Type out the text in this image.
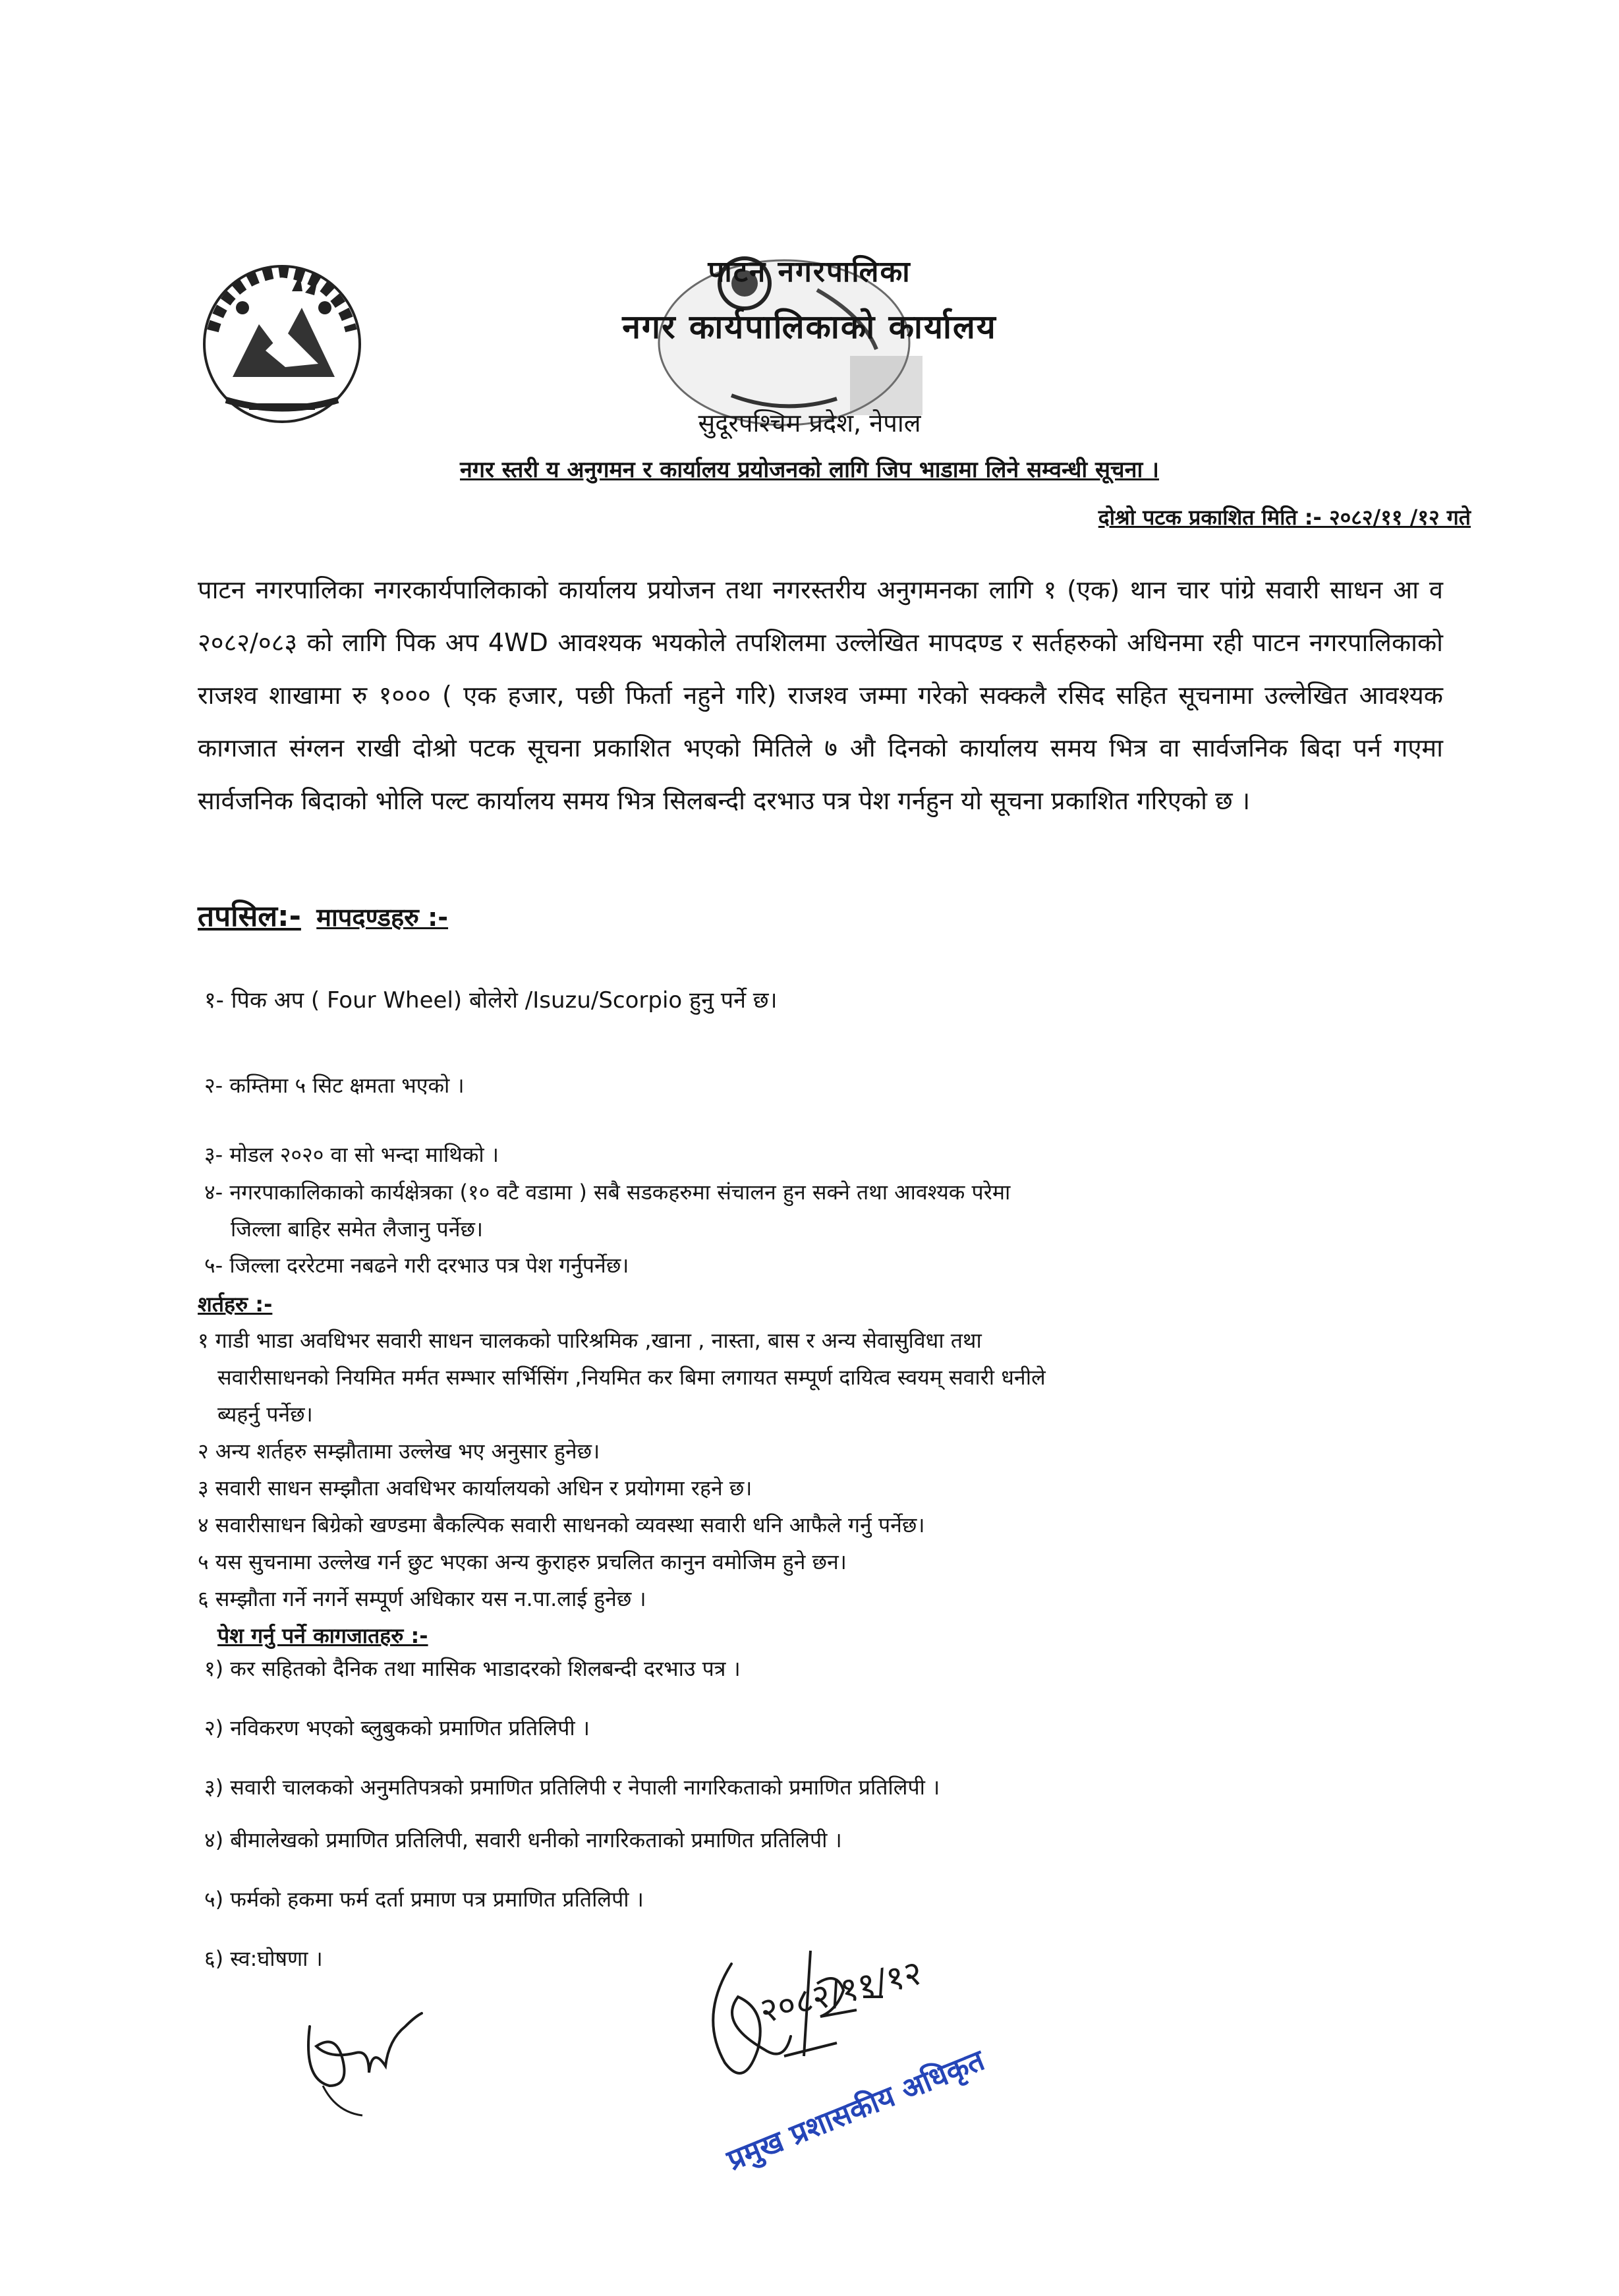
पाटन नगरपालिका
नगर कार्यपालिकाको कार्यालय
सुदूरपश्चिम प्रदेश, नेपाल
नगर स्तरी य अनुगमन र कार्यालय प्रयोजनको लागि जिप भाडामा लिने सम्वन्धी सूचना ।
दोश्रो पटक प्रकाशित मिति :- २०८२/११ /१२ गते

पाटन नगरपालिका नगरकार्यपालिकाको कार्यालय प्रयोजन तथा नगरस्तरीय अनुगमनका लागि १ (एक) थान चार पांग्रे सवारी साधन आ व २०८२/०८३ को लागि पिक अप 4WD आवश्यक भयकोले तपशिलमा उल्लेखित मापदण्ड र सर्तहरुको अधिनमा रही पाटन नगरपालिकाको राजश्व शाखामा रु १००० ( एक हजार, पछी फिर्ता नहुने गरि) राजश्व जम्मा गरेको सक्कलै रसिद सहित सूचनामा उल्लेखित आवश्यक कागजात संग्लन राखी दोश्रो पटक सूचना प्रकाशित भएको मितिले ७ औ दिनको कार्यालय समय भित्र वा सार्वजनिक बिदा पर्न गएमा सार्वजनिक बिदाको भोलि पल्ट कार्यालय समय भित्र सिलबन्दी दरभाउ पत्र पेश गर्नहुन यो सूचना प्रकाशित गरिएको छ ।

तपसिल:- मापदण्डहरु :-
१- पिक अप ( Four Wheel) बोलेरो /Isuzu/Scorpio हुनु पर्ने छ।
२- कम्तिमा ५ सिट क्षमता भएको ।
३- मोडल २०२० वा सो भन्दा माथिको ।
४- नगरपाकालिकाको कार्यक्षेत्रका (१० वटै वडामा ) सबै सडकहरुमा संचालन हुन सक्ने तथा आवश्यक परेमा
जिल्ला बाहिर समेत लैजानु पर्नेछ।
५- जिल्ला दररेटमा नबढने गरी दरभाउ पत्र पेश गर्नुपर्नेछ।
शर्तहरु :-
१ गाडी भाडा अवधिभर सवारी साधन चालकको पारिश्रमिक ,खाना , नास्ता, बास र अन्य सेवासुविधा तथा
सवारीसाधनको नियमित मर्मत सम्भार सर्भिसिंग ,नियमित कर बिमा लगायत सम्पूर्ण दायित्व स्वयम् सवारी धनीले
ब्यहर्नु पर्नेछ।
२ अन्य शर्तहरु सम्झौतामा उल्लेख भए अनुसार हुनेछ।
३ सवारी साधन सम्झौता अवधिभर कार्यालयको अधिन र प्रयोगमा रहने छ।
४ सवारीसाधन बिग्रेको खण्डमा बैकल्पिक सवारी साधनको व्यवस्था सवारी धनि आफैले गर्नु पर्नेछ।
५ यस सुचनामा उल्लेख गर्न छुट भएका अन्य कुराहरु प्रचलित कानुन वमोजिम हुने छन।
६ सम्झौता गर्ने नगर्ने सम्पूर्ण अधिकार यस न.पा.लाई हुनेछ ।
पेश गर्नु पर्ने कागजातहरु :-
१) कर सहितको दैनिक तथा मासिक भाडादरको शिलबन्दी दरभाउ पत्र ।
२) नविकरण भएको ब्लुबुकको प्रमाणित प्रतिलिपी ।
३) सवारी चालकको अनुमतिपत्रको प्रमाणित प्रतिलिपी र नेपाली नागरिकताको प्रमाणित प्रतिलिपी ।
४) बीमालेखको प्रमाणित प्रतिलिपी, सवारी धनीको नागरिकताको प्रमाणित प्रतिलिपी ।
५) फर्मको हकमा फर्म दर्ता प्रमाण पत्र प्रमाणित प्रतिलिपी ।
६) स्व:घोषणा ।	२०८२/११/१२
प्रमुख प्रशासकीय अधिकृत
